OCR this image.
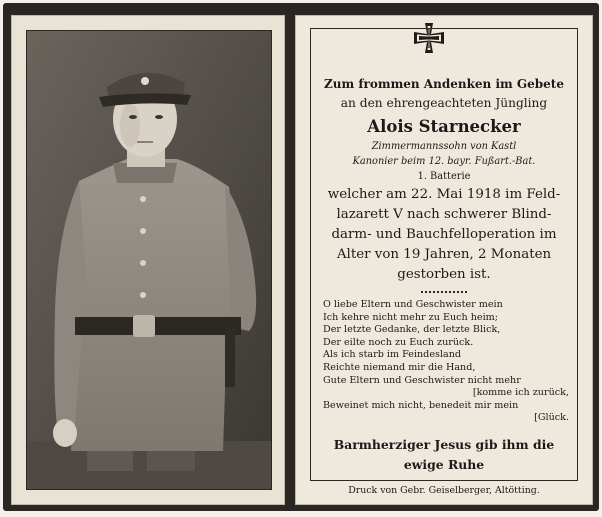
Zum frommen Andenken im Gebete
an den ehrengeachteten Jüngling
Alois Starnecker
Zimmermannssohn von Kastl
Kanonier beim 12. bayr. Fußart.-Bat.
1. Batterie
welcher am 22. Mai 1918 im Feld-
lazarett V nach schwerer Blind-
darm- und Bauchfelloperation im
Alter von 19 Jahren, 2 Monaten
gestorben ist.
O liebe Eltern und Geschwister mein
Ich kehre nicht mehr zu Euch heim;
Der letzte Gedanke, der letzte Blick,
Der eilte noch zu Euch zurück.
Als ich starb im Feindesland
Reichte niemand mir die Hand,
Gute Eltern und Geschwister nicht mehr
[komme ich zurück,
Beweinet mich nicht, benedeit mir mein
[Glück.
Barmherziger Jesus gib ihm die
ewige Ruhe
Druck von Gebr. Geiselberger, Altötting.
